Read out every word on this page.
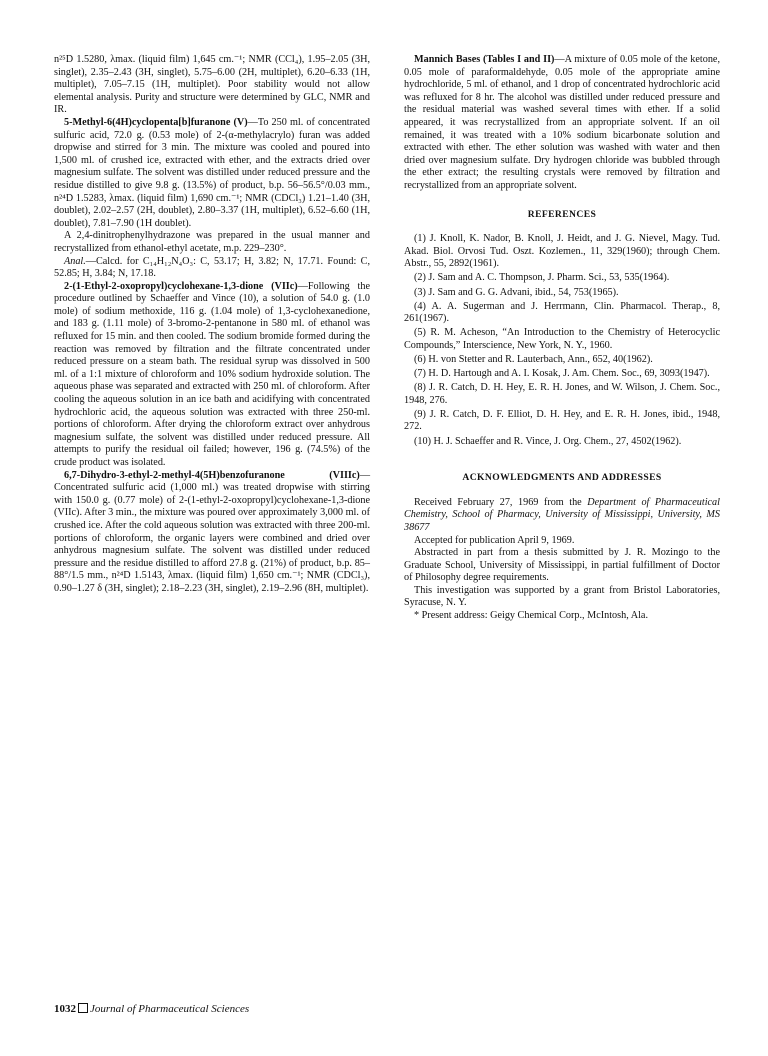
n²⁵D 1.5280, λmax. (liquid film) 1,645 cm.⁻¹; NMR (CCl₄), 1.95–2.05 (3H, singlet), 2.35–2.43 (3H, singlet), 5.75–6.00 (2H, multiplet), 6.20–6.33 (1H, multiplet), 7.05–7.15 (1H, multiplet). Poor stability would not allow elemental analysis. Purity and structure were determined by GLC, NMR and IR.

5-Methyl-6(4H)cyclopenta[b]furanone (V)—To 250 ml. of concentrated sulfuric acid, 72.0 g. (0.53 mole) of 2-(α-methylacrylo) furan was added dropwise and stirred for 3 min. The mixture was cooled and poured into 1,500 ml. of crushed ice, extracted with ether, and the extracts dried over magnesium sulfate. The solvent was distilled under reduced pressure and the residue distilled to give 9.8 g. (13.5%) of product, b.p. 56–56.5°/0.03 mm., n²⁴D 1.5283, λmax. (liquid film) 1,690 cm.⁻¹; NMR (CDCl₃) 1.21–1.40 (3H, doublet), 2.02–2.57 (2H, doublet), 2.80–3.37 (1H, multiplet), 6.52–6.60 (1H, doublet), 7.81–7.90 (1H doublet).

A 2,4-dinitrophenylhydrazone was prepared in the usual manner and recrystallized from ethanol-ethyl acetate, m.p. 229–230°.

Anal.—Calcd. for C₁₄H₁₂N₄O₃: C, 53.17; H, 3.82; N, 17.71. Found: C, 52.85; H, 3.84; N, 17.18.

2-(1-Ethyl-2-oxopropyl)cyclohexane-1,3-dione (VIIc)—Following the procedure outlined by Schaeffer and Vince (10), a solution of 54.0 g. (1.0 mole) of sodium methoxide, 116 g. (1.04 mole) of 1,3-cyclohexanedione, and 183 g. (1.11 mole) of 3-bromo-2-pentanone in 580 ml. of ethanol was refluxed for 15 min. and then cooled. The sodium bromide formed during the reaction was removed by filtration and the filtrate concentrated under reduced pressure on a steam bath. The residual syrup was dissolved in 500 ml. of a 1:1 mixture of chloroform and 10% sodium hydroxide solution. The aqueous phase was separated and extracted with 250 ml. of chloroform. After cooling the aqueous solution in an ice bath and acidifying with concentrated hydrochloric acid, the aqueous solution was extracted with three 250-ml. portions of chloroform. After drying the chloroform extract over anhydrous magnesium sulfate, the solvent was distilled under reduced pressure. All attempts to purify the residual oil failed; however, 196 g. (74.5%) of the crude product was isolated.

6,7-Dihydro-3-ethyl-2-methyl-4(5H)benzofuranone (VIIIc)—Concentrated sulfuric acid (1,000 ml.) was treated dropwise with stirring with 150.0 g. (0.77 mole) of 2-(1-ethyl-2-oxopropyl)cyclohexane-1,3-dione (VIIc). After 3 min., the mixture was poured over approximately 3,000 ml. of crushed ice. After the cold aqueous solution was extracted with three 200-ml. portions of chloroform, the organic layers were combined and dried over anhydrous magnesium sulfate. The solvent was distilled under reduced pressure and the residue distilled to afford 27.8 g. (21%) of product, b.p. 85–88°/1.5 mm., n²⁴D 1.5143, λmax. (liquid film) 1,650 cm.⁻¹; NMR (CDCl₃), 0.90–1.27 δ (3H, singlet); 2.18–2.23 (3H, singlet), 2.19–2.96 (8H, multiplet).

Mannich Bases (Tables I and II)—A mixture of 0.05 mole of the ketone, 0.05 mole of paraformaldehyde, 0.05 mole of the appropriate amine hydrochloride, 5 ml. of ethanol, and 1 drop of concentrated hydrochloric acid was refluxed for 8 hr. The alcohol was distilled under reduced pressure and the residual material was washed several times with ether. If a solid appeared, it was recrystallized from an appropriate solvent. If an oil remained, it was treated with a 10% sodium bicarbonate solution and extracted with ether. The ether solution was washed with water and then dried over magnesium sulfate. Dry hydrogen chloride was bubbled through the ether extract; the resulting crystals were removed by filtration and recrystallized from an appropriate solvent.

REFERENCES

(1) J. Knoll, K. Nador, B. Knoll, J. Heidt, and J. G. Nievel, Magy. Tud. Akad. Biol. Orvosi Tud. Oszt. Kozlemen., 11, 329(1960); through Chem. Abstr., 55, 2892(1961).

(2) J. Sam and A. C. Thompson, J. Pharm. Sci., 53, 535(1964).

(3) J. Sam and G. G. Advani, ibid., 54, 753(1965).

(4) A. A. Sugerman and J. Herrmann, Clin. Pharmacol. Therap., 8, 261(1967).

(5) R. M. Acheson, “An Introduction to the Chemistry of Heterocyclic Compounds,” Interscience, New York, N. Y., 1960.

(6) H. von Stetter and R. Lauterbach, Ann., 652, 40(1962).

(7) H. D. Hartough and A. I. Kosak, J. Am. Chem. Soc., 69, 3093(1947).

(8) J. R. Catch, D. H. Hey, E. R. H. Jones, and W. Wilson, J. Chem. Soc., 1948, 276.

(9) J. R. Catch, D. F. Elliot, D. H. Hey, and E. R. H. Jones, ibid., 1948, 272.

(10) H. J. Schaeffer and R. Vince, J. Org. Chem., 27, 4502(1962).

ACKNOWLEDGMENTS AND ADDRESSES

Received February 27, 1969 from the Department of Pharmaceutical Chemistry, School of Pharmacy, University of Mississippi, University, MS 38677

Accepted for publication April 9, 1969.

Abstracted in part from a thesis submitted by J. R. Mozingo to the Graduate School, University of Mississippi, in partial fulfillment of Doctor of Philosophy degree requirements.

This investigation was supported by a grant from Bristol Laboratories, Syracuse, N. Y.

* Present address: Geigy Chemical Corp., McIntosh, Ala.

1032 Journal of Pharmaceutical Sciences
